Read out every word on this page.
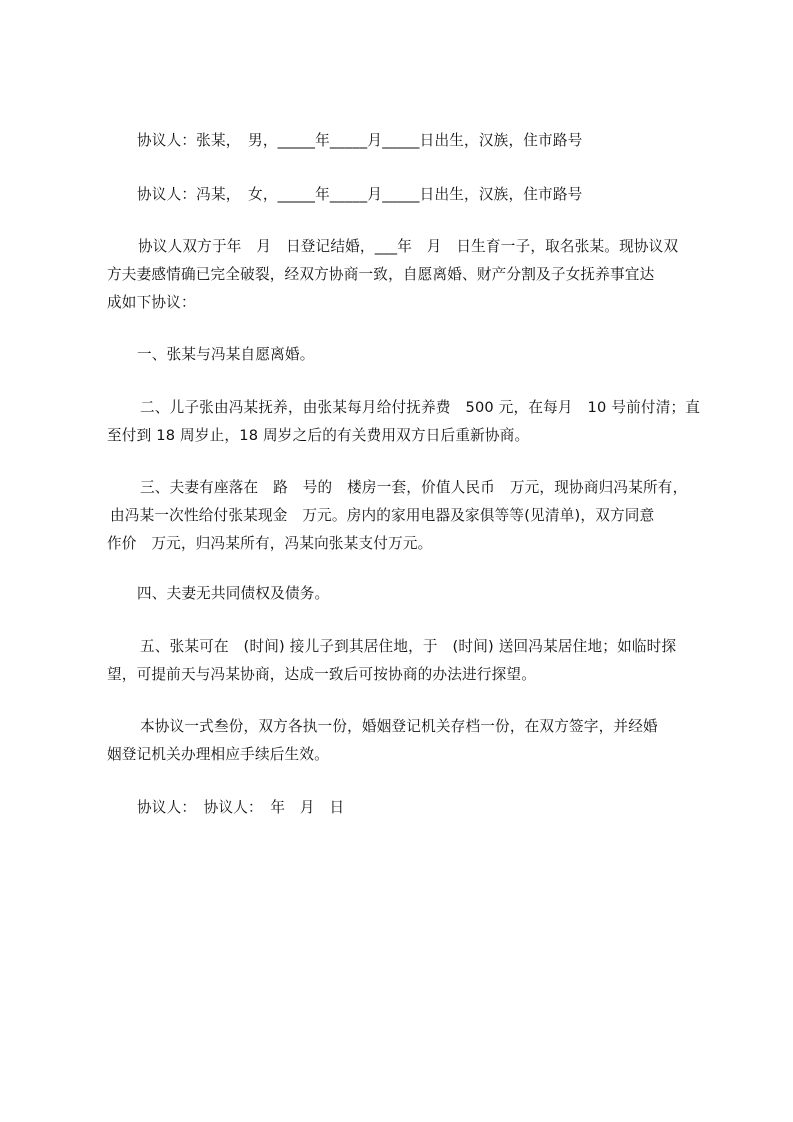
协议人：张某，　男，_____年_____月_____日出生，汉族，住市路号

协议人：冯某，　女，_____年_____月_____日出生，汉族，住市路号

协议人双方于年　月　日登记结婚，___年　月　日生育一子，取名张某。现协议双
方夫妻感情确已完全破裂，经双方协商一致，自愿离婚、财产分割及子女抚养事宜达
成如下协议：

一、张某与冯某自愿离婚。

二、儿子张由冯某抚养，由张某每月给付抚养费　500 元，在每月　10 号前付清；直
至付到 18 周岁止，18 周岁之后的有关费用双方日后重新协商。
三、夫妻有座落在　路　号的　楼房一套，价值人民币　万元，现协商归冯某所有，
由冯某一次性给付张某现金　万元。房内的家用电器及家俱等等(见清单)，双方同意
作价　万元，归冯某所有，冯某向张某支付万元。

四、夫妻无共同债权及债务。

五、张某可在　(时间) 接儿子到其居住地，于　(时间) 送回冯某居住地；如临时探
望，可提前天与冯某协商，达成一致后可按协商的办法进行探望。
本协议一式叁份，双方各执一份，婚姻登记机关存档一份，在双方签字，并经婚
姻登记机关办理相应手续后生效。

协议人：　协议人：　年　月　日
